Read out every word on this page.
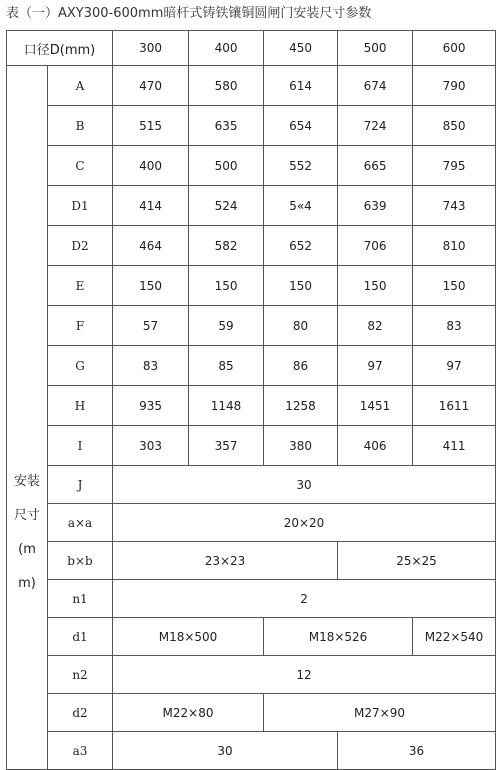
表（一）AXY300-600mm暗杆式铸铁镶铜圆闸门安装尺寸参数
口径D(mm)		300	400	450	500	600

安装
尺寸
(m
m)	A	470	580	614	674	790
	B	515	635	654	724	850
	C	400	500	552	665	795
	D1	414	524	5«4	639	743
	D2	464	582	652	706	810
	E	150	150	150	150	150
	F	57	59	80	82	83
	G	83	85	86	97	97
	H	935	1148	1258	1451	1611
	I	303	357	380	406	411
	J	30				
	a×a	20×20				
	b×b	23×23			25×25	
	n1	2				
	d1	M18×500		M18×526		M22×540
	n2	12				
	d2	M22×80		M27×90		
	a3	30			36	
